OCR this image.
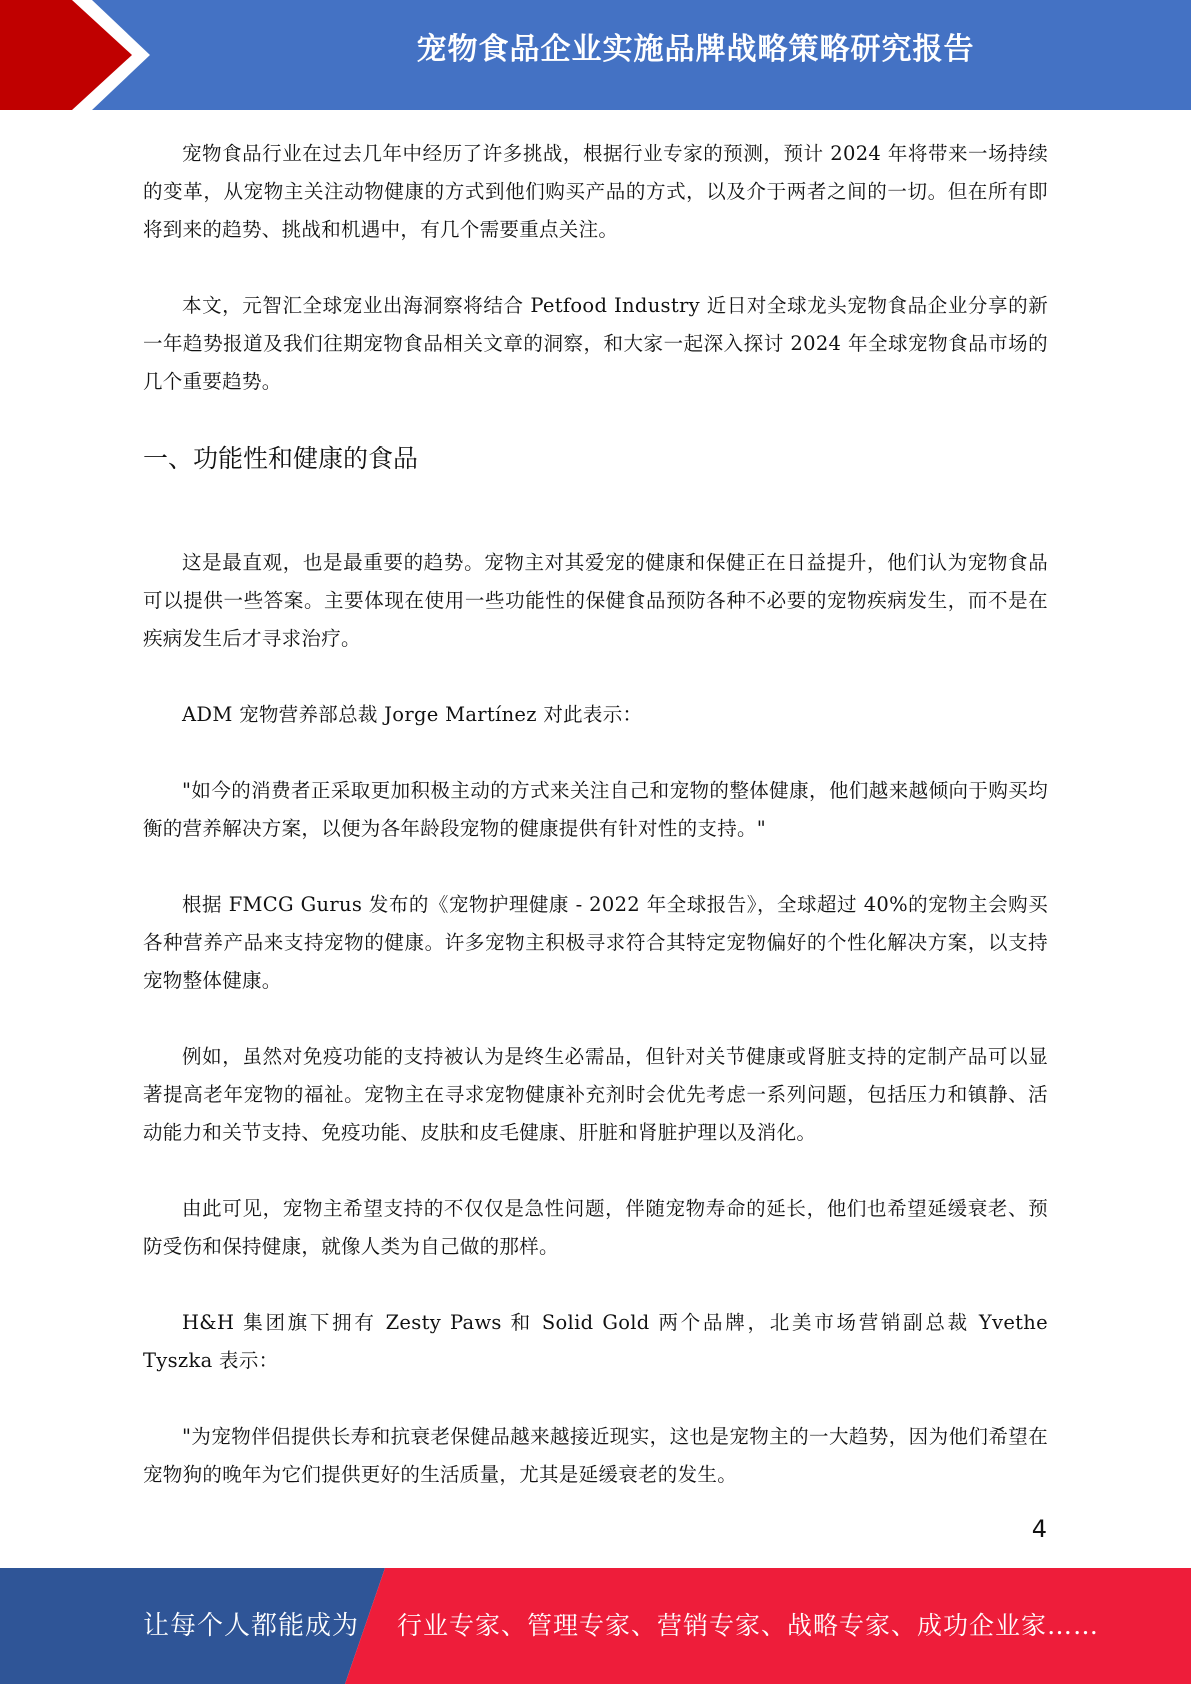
宠物食品企业实施品牌战略策略研究报告

宠物食品行业在过去几年中经历了许多挑战，根据行业专家的预测，预计 2024 年将带来一场持续的变革，从宠物主关注动物健康的方式到他们购买产品的方式，以及介于两者之间的一切。但在所有即将到来的趋势、挑战和机遇中，有几个需要重点关注。

本文，元智汇全球宠业出海洞察将结合 Petfood Industry 近日对全球龙头宠物食品企业分享的新一年趋势报道及我们往期宠物食品相关文章的洞察，和大家一起深入探讨 2024 年全球宠物食品市场的几个重要趋势。

一、功能性和健康的食品

这是最直观，也是最重要的趋势。宠物主对其爱宠的健康和保健正在日益提升，他们认为宠物食品可以提供一些答案。主要体现在使用一些功能性的保健食品预防各种不必要的宠物疾病发生，而不是在疾病发生后才寻求治疗。

ADM 宠物营养部总裁 Jorge Martínez 对此表示：

"如今的消费者正采取更加积极主动的方式来关注自己和宠物的整体健康，他们越来越倾向于购买均衡的营养解决方案，以便为各年龄段宠物的健康提供有针对性的支持。"

根据 FMCG Gurus 发布的《宠物护理健康 - 2022 年全球报告》，全球超过 40%的宠物主会购买各种营养产品来支持宠物的健康。许多宠物主积极寻求符合其特定宠物偏好的个性化解决方案，以支持宠物整体健康。

例如，虽然对免疫功能的支持被认为是终生必需品，但针对关节健康或肾脏支持的定制产品可以显著提高老年宠物的福祉。宠物主在寻求宠物健康补充剂时会优先考虑一系列问题，包括压力和镇静、活动能力和关节支持、免疫功能、皮肤和皮毛健康、肝脏和肾脏护理以及消化。

由此可见，宠物主希望支持的不仅仅是急性问题，伴随宠物寿命的延长，他们也希望延缓衰老、预防受伤和保持健康，就像人类为自己做的那样。

H&H 集团旗下拥有 Zesty Paws 和 Solid Gold 两个品牌，北美市场营销副总裁 Yvethe Tyszka 表示：

"为宠物伴侣提供长寿和抗衰老保健品越来越接近现实，这也是宠物主的一大趋势，因为他们希望在宠物狗的晚年为它们提供更好的生活质量，尤其是延缓衰老的发生。

4
让每个人都能成为 行业专家、管理专家、营销专家、战略专家、成功企业家……
